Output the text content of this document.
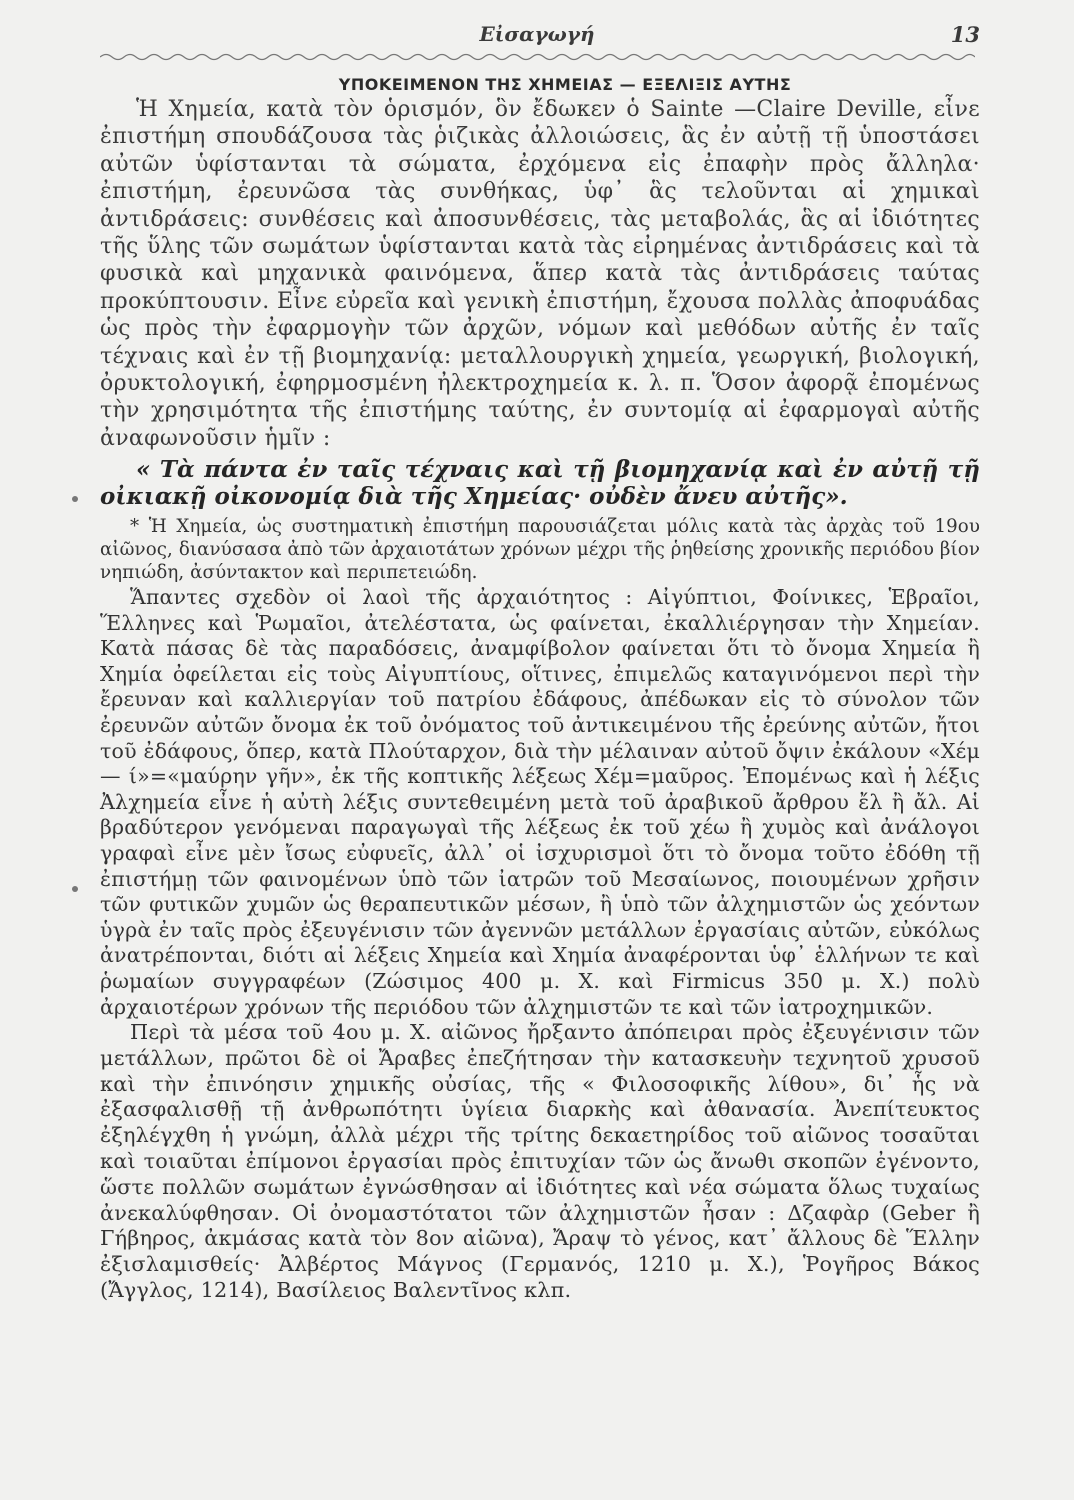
Εἰσαγωγή	13
ΥΠΟΚΕΙΜΕΝΟΝ ΤΗΣ ΧΗΜΕΙΑΣ — ΕΞΕΛΙΞΙΣ ΑΥΤΗΣ

Ἡ Χημεία, κατὰ τὸν ὁρισμόν, ὃν ἔδωκεν ὁ Sainte —Claire Deville, εἶνε ἐπιστήμη σπουδάζουσα τὰς ῥιζικὰς ἀλλοιώσεις, ἃς ἐν αὐτῇ τῇ ὑποστάσει αὐτῶν ὑφίστανται τὰ σώματα, ἐρχόμενα εἰς ἐπαφὴν πρὸς ἄλληλα· ἐπιστήμη, ἐρευνῶσα τὰς συνθήκας, ὑφ᾽ ἃς τελοῦνται αἱ χημικαὶ ἀντιδράσεις: συνθέσεις καὶ ἀποσυνθέσεις, τὰς μεταβολάς, ἃς αἱ ἰδιότητες τῆς ὕλης τῶν σωμάτων ὑφίστανται κατὰ τὰς εἰρημένας ἀντιδράσεις καὶ τὰ φυσικὰ καὶ μηχανικὰ φαινόμενα, ἅπερ κατὰ τὰς ἀντιδράσεις ταύτας προκύπτουσιν. Εἶνε εὐρεῖα καὶ γενικὴ ἐπιστήμη, ἔχουσα πολλὰς ἀποφυάδας ὡς πρὸς τὴν ἐφαρμογὴν τῶν ἀρχῶν, νόμων καὶ μεθόδων αὐτῆς ἐν ταῖς τέχναις καὶ ἐν τῇ βιομηχανίᾳ: μεταλλουργικὴ χημεία, γεωργική, βιολογική, ὀρυκτολογική, ἐφηρμοσμένη ἠλεκτροχημεία κ. λ. π. Ὅσον ἀφορᾷ ἐπομένως τὴν χρησιμότητα τῆς ἐπιστήμης ταύτης, ἐν συντομίᾳ αἱ ἐφαρμογαὶ αὐτῆς ἀναφωνοῦσιν ἡμῖν :

« Τὰ πάντα ἐν ταῖς τέχναις καὶ τῇ βιομηχανίᾳ καὶ ἐν αὐτῇ τῇ οἰκιακῇ οἰκονομίᾳ διὰ τῆς Χημείας· οὐδὲν ἄνευ αὐτῆς».

* Ἡ Χημεία, ὡς συστηματικὴ ἐπιστήμη παρουσιάζεται μόλις κατὰ τὰς ἀρχὰς τοῦ 19ου αἰῶνος, διανύσασα ἀπὸ τῶν ἀρχαιοτάτων χρόνων μέχρι τῆς ῥηθείσης χρονικῆς περιόδου βίον νηπιώδη, ἀσύντακτον καὶ περιπετειώδη.

Ἅπαντες σχεδὸν οἱ λαοὶ τῆς ἀρχαιότητος : Αἰγύπτιοι, Φοίνικες, Ἑβραῖοι, Ἕλληνες καὶ Ῥωμαῖοι, ἀτελέστατα, ὡς φαίνεται, ἐκαλλιέργησαν τὴν Χημείαν. Κατὰ πάσας δὲ τὰς παραδόσεις, ἀναμφίβολον φαίνεται ὅτι τὸ ὄνομα Χημεία ἢ Χημία ὀφείλεται εἰς τοὺς Αἰγυπτίους, οἵτινες, ἐπιμελῶς καταγινόμενοι περὶ τὴν ἔρευναν καὶ καλλιεργίαν τοῦ πατρίου ἐδάφους, ἀπέδωκαν εἰς τὸ σύνολον τῶν ἐρευνῶν αὐτῶν ὄνομα ἐκ τοῦ ὀνόματος τοῦ ἀντικειμένου τῆς ἐρεύνης αὐτῶν, ἤτοι τοῦ ἐδάφους, ὅπερ, κατὰ Πλούταρχον, διὰ τὴν μέλαιναν αὐτοῦ ὄψιν ἐκάλουν «Χέμ — ί»=«μαύρην γῆν», ἐκ τῆς κοπτικῆς λέξεως Χέμ=μαῦρος. Ἐπομένως καὶ ἡ λέξις Ἀλχημεία εἶνε ἡ αὐτὴ λέξις συντεθειμένη μετὰ τοῦ ἀραβικοῦ ἄρθρου ἔλ ἢ ἄλ. Αἱ βραδύτερον γενόμεναι παραγωγαὶ τῆς λέξεως ἐκ τοῦ χέω ἢ χυμὸς καὶ ἀνάλογοι γραφαὶ εἶνε μὲν ἴσως εὐφυεῖς, ἀλλ᾽ οἱ ἰσχυρισμοὶ ὅτι τὸ ὄνομα τοῦτο ἐδόθη τῇ ἐπιστήμῃ τῶν φαινομένων ὑπὸ τῶν ἰατρῶν τοῦ Μεσαίωνος, ποιουμένων χρῆσιν τῶν φυτικῶν χυμῶν ὡς θεραπευτικῶν μέσων, ἢ ὑπὸ τῶν ἀλχημιστῶν ὡς χεόντων ὑγρὰ ἐν ταῖς πρὸς ἐξευγένισιν τῶν ἀγεννῶν μετάλλων ἐργασίαις αὐτῶν, εὐκόλως ἀνατρέπονται, διότι αἱ λέξεις Χημεία καὶ Χημία ἀναφέρονται ὑφ᾽ ἑλλήνων τε καὶ ῥωμαίων συγγραφέων (Ζώσιμος 400 μ. Χ. καὶ Firmicus 350 μ. Χ.) πολὺ ἀρχαιοτέρων χρόνων τῆς περιόδου τῶν ἀλχημιστῶν τε καὶ τῶν ἰατροχημικῶν.

Περὶ τὰ μέσα τοῦ 4ου μ. Χ. αἰῶνος ἤρξαντο ἀπόπειραι πρὸς ἐξευγένισιν τῶν μετάλλων, πρῶτοι δὲ οἱ Ἄραβες ἐπεζήτησαν τὴν κατασκευὴν τεχνητοῦ χρυσοῦ καὶ τὴν ἐπινόησιν χημικῆς οὐσίας, τῆς « Φιλοσοφικῆς λίθου», δι᾽ ἧς νὰ ἐξασφαλισθῇ τῇ ἀνθρωπότητι ὑγίεια διαρκὴς καὶ ἀθανασία. Ἀνεπίτευκτος ἐξηλέγχθη ἡ γνώμη, ἀλλὰ μέχρι τῆς τρίτης δεκαετηρίδος τοῦ αἰῶνος τοσαῦται καὶ τοιαῦται ἐπίμονοι ἐργασίαι πρὸς ἐπιτυχίαν τῶν ὡς ἄνωθι σκοπῶν ἐγένοντο, ὥστε πολλῶν σωμάτων ἐγνώσθησαν αἱ ἰδιότητες καὶ νέα σώματα ὅλως τυχαίως ἀνεκαλύφθησαν. Οἱ ὀνομαστότατοι τῶν ἀλχημιστῶν ἦσαν : Δζαφὰρ (Geber ἢ Γήβηρος, ἀκμάσας κατὰ τὸν 8ον αἰῶνα), Ἄραψ τὸ γένος, κατ᾽ ἄλλους δὲ Ἕλλην ἐξισλαμισθείς· Ἀλβέρτος Μάγνος (Γερμανός, 1210 μ. Χ.), Ῥογῆρος Βάκος (Ἄγγλος, 1214), Βασίλειος Βαλεντῖνος κλπ.
